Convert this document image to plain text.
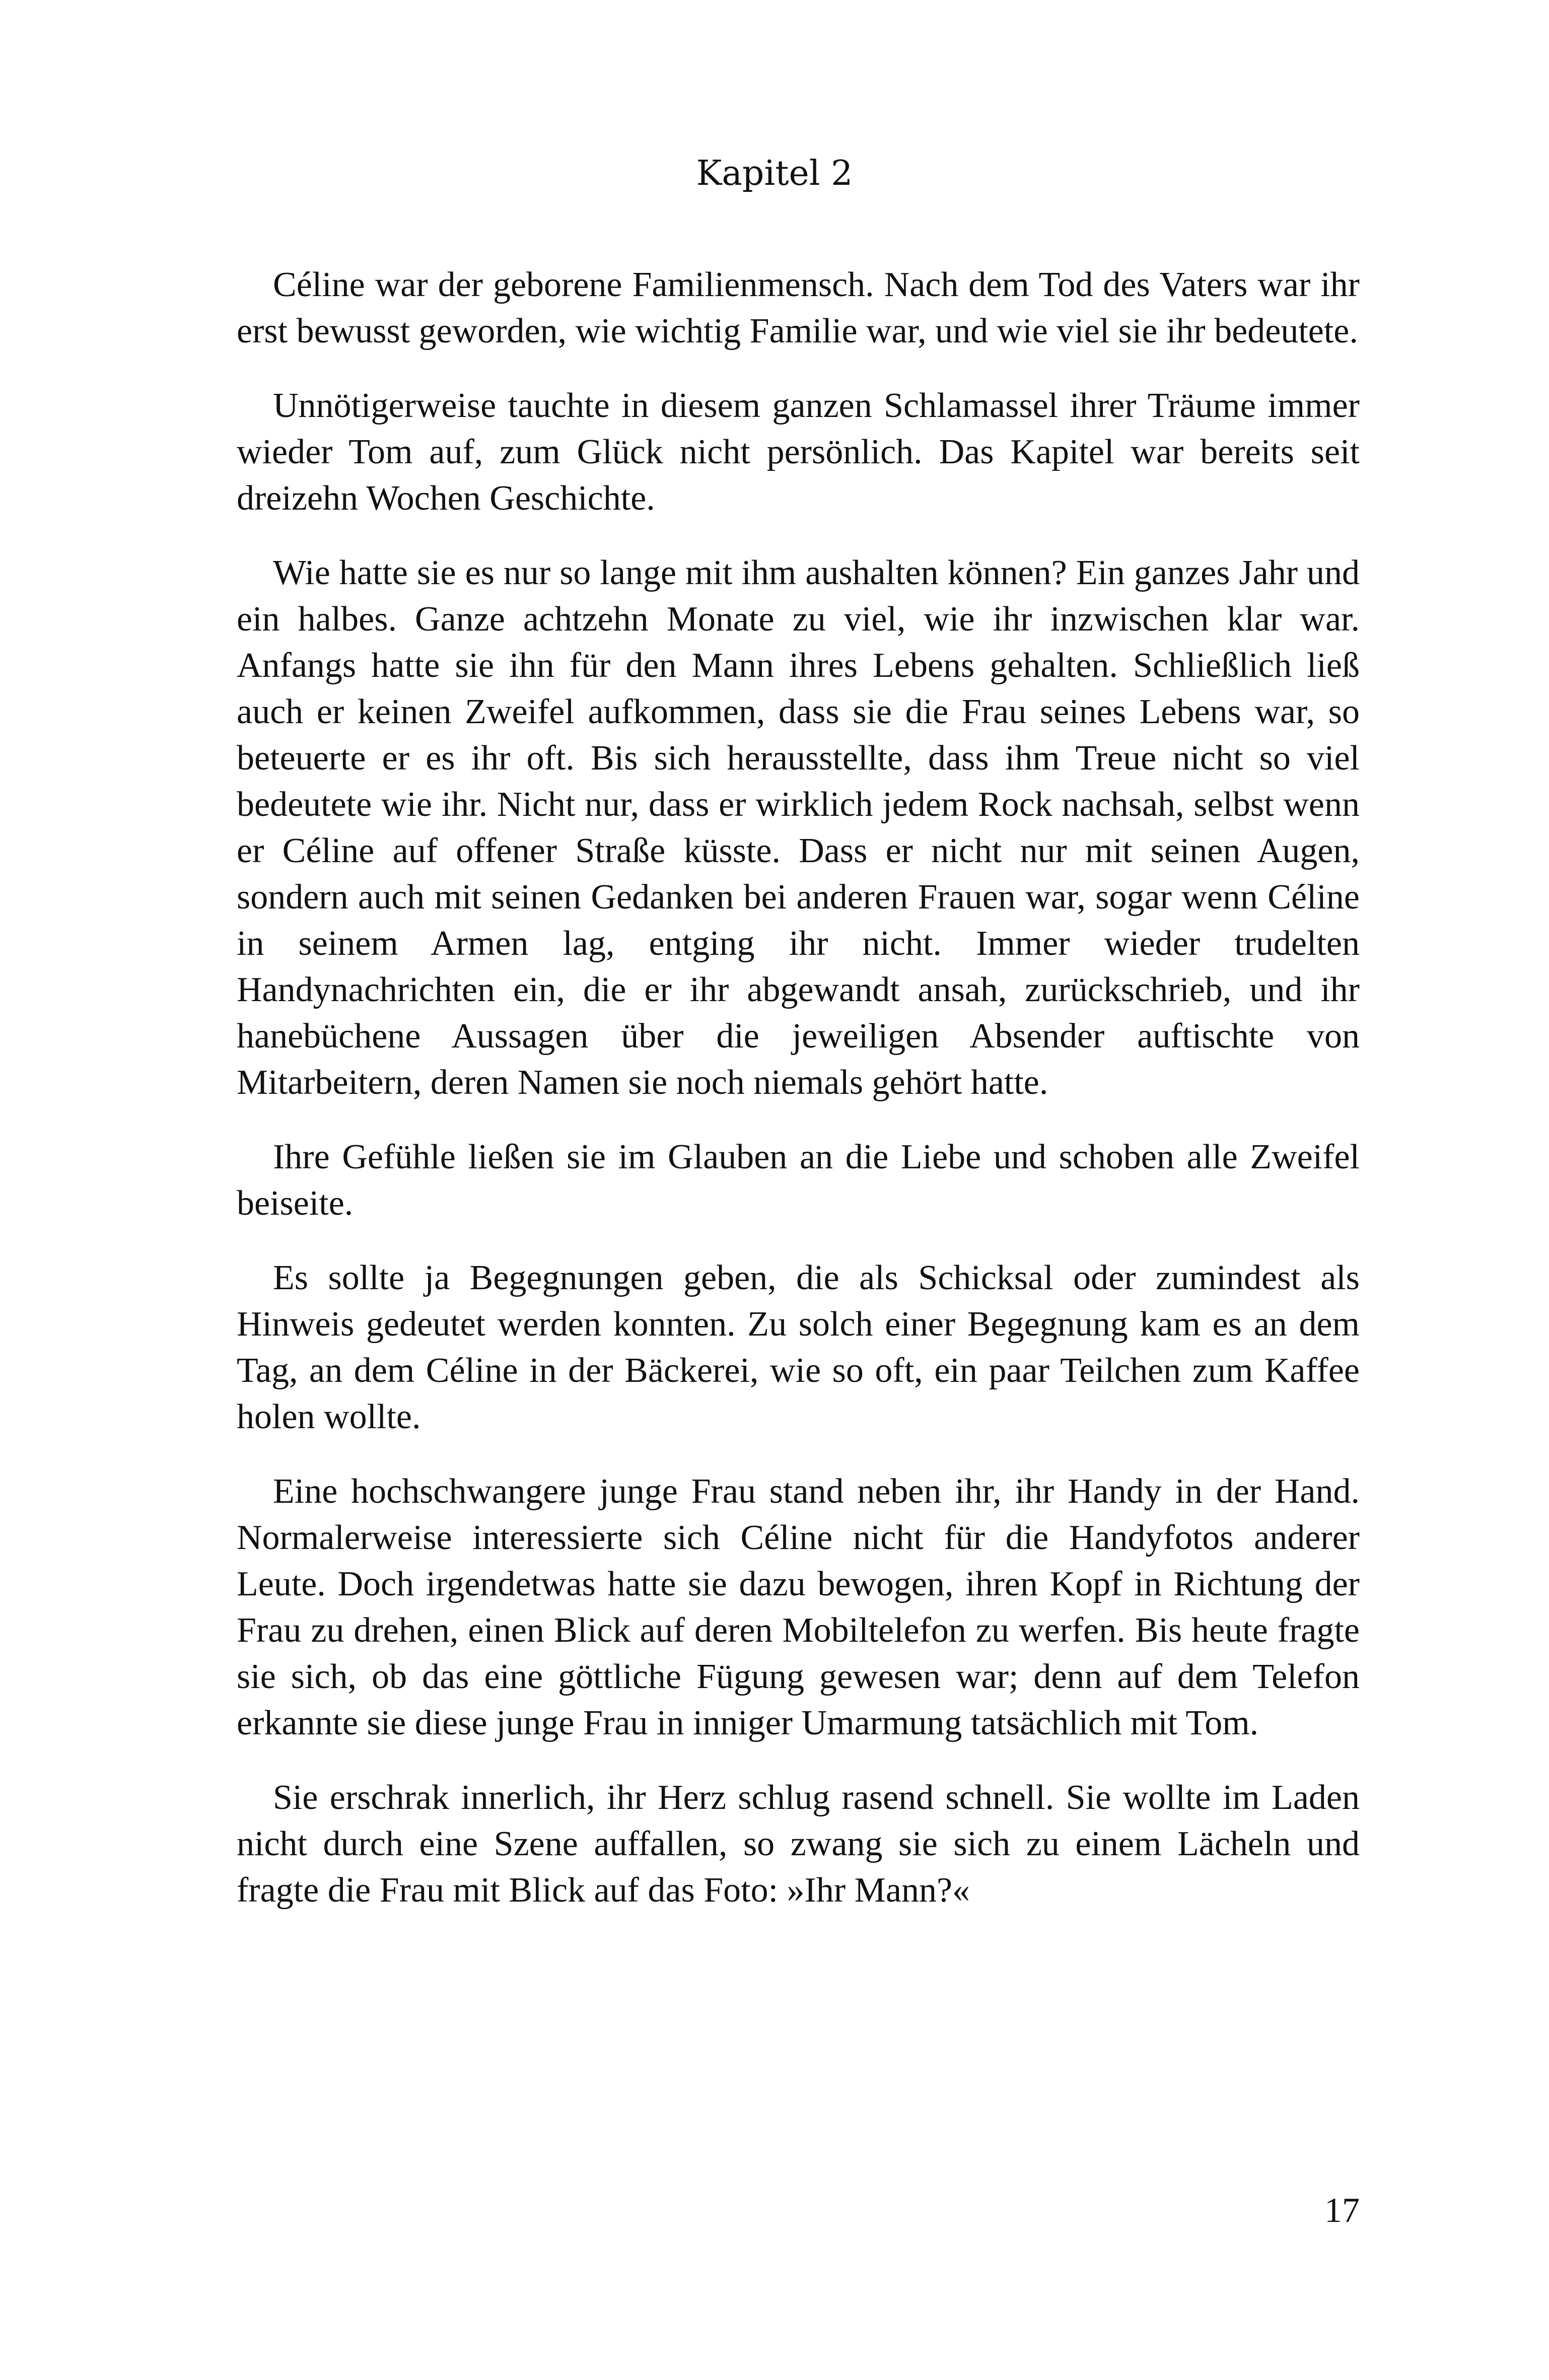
Kapitel 2

Céline war der geborene Familienmensch. Nach dem Tod des Vaters war ihr erst bewusst geworden, wie wichtig Familie war, und wie viel sie ihr bedeutete.

Unnötigerweise tauchte in diesem ganzen Schlamassel ihrer Träume immer wieder Tom auf, zum Glück nicht persönlich. Das Kapitel war bereits seit dreizehn Wochen Geschichte.

Wie hatte sie es nur so lange mit ihm aushalten können? Ein ganzes Jahr und ein halbes. Ganze achtzehn Monate zu viel, wie ihr inzwischen klar war. Anfangs hatte sie ihn für den Mann ihres Lebens gehalten. Schließlich ließ auch er keinen Zweifel aufkommen, dass sie die Frau seines Lebens war, so beteuerte er es ihr oft. Bis sich herausstellte, dass ihm Treue nicht so viel bedeutete wie ihr. Nicht nur, dass er wirklich jedem Rock nachsah, selbst wenn er Céline auf offener Straße küsste. Dass er nicht nur mit seinen Augen, sondern auch mit seinen Gedanken bei anderen Frauen war, sogar wenn Céline in seinem Armen lag, entging ihr nicht. Immer wieder trudelten Handynachrichten ein, die er ihr abgewandt ansah, zurückschrieb, und ihr hanebüchene Aussagen über die jeweiligen Absender auftischte von Mitarbeitern, deren Namen sie noch niemals gehört hatte.

Ihre Gefühle ließen sie im Glauben an die Liebe und schoben alle Zweifel beiseite.

Es sollte ja Begegnungen geben, die als Schicksal oder zumindest als Hinweis gedeutet werden konnten. Zu solch einer Begegnung kam es an dem Tag, an dem Céline in der Bäckerei, wie so oft, ein paar Teilchen zum Kaffee holen wollte.

Eine hochschwangere junge Frau stand neben ihr, ihr Handy in der Hand. Normalerweise interessierte sich Céline nicht für die Handyfotos anderer Leute. Doch irgendetwas hatte sie dazu bewogen, ihren Kopf in Richtung der Frau zu drehen, einen Blick auf deren Mobiltelefon zu werfen. Bis heute fragte sie sich, ob das eine göttliche Fügung gewesen war; denn auf dem Telefon erkannte sie diese junge Frau in inniger Umarmung tatsächlich mit Tom.

Sie erschrak innerlich, ihr Herz schlug rasend schnell. Sie wollte im Laden nicht durch eine Szene auffallen, so zwang sie sich zu einem Lächeln und fragte die Frau mit Blick auf das Foto: »Ihr Mann?«

17
